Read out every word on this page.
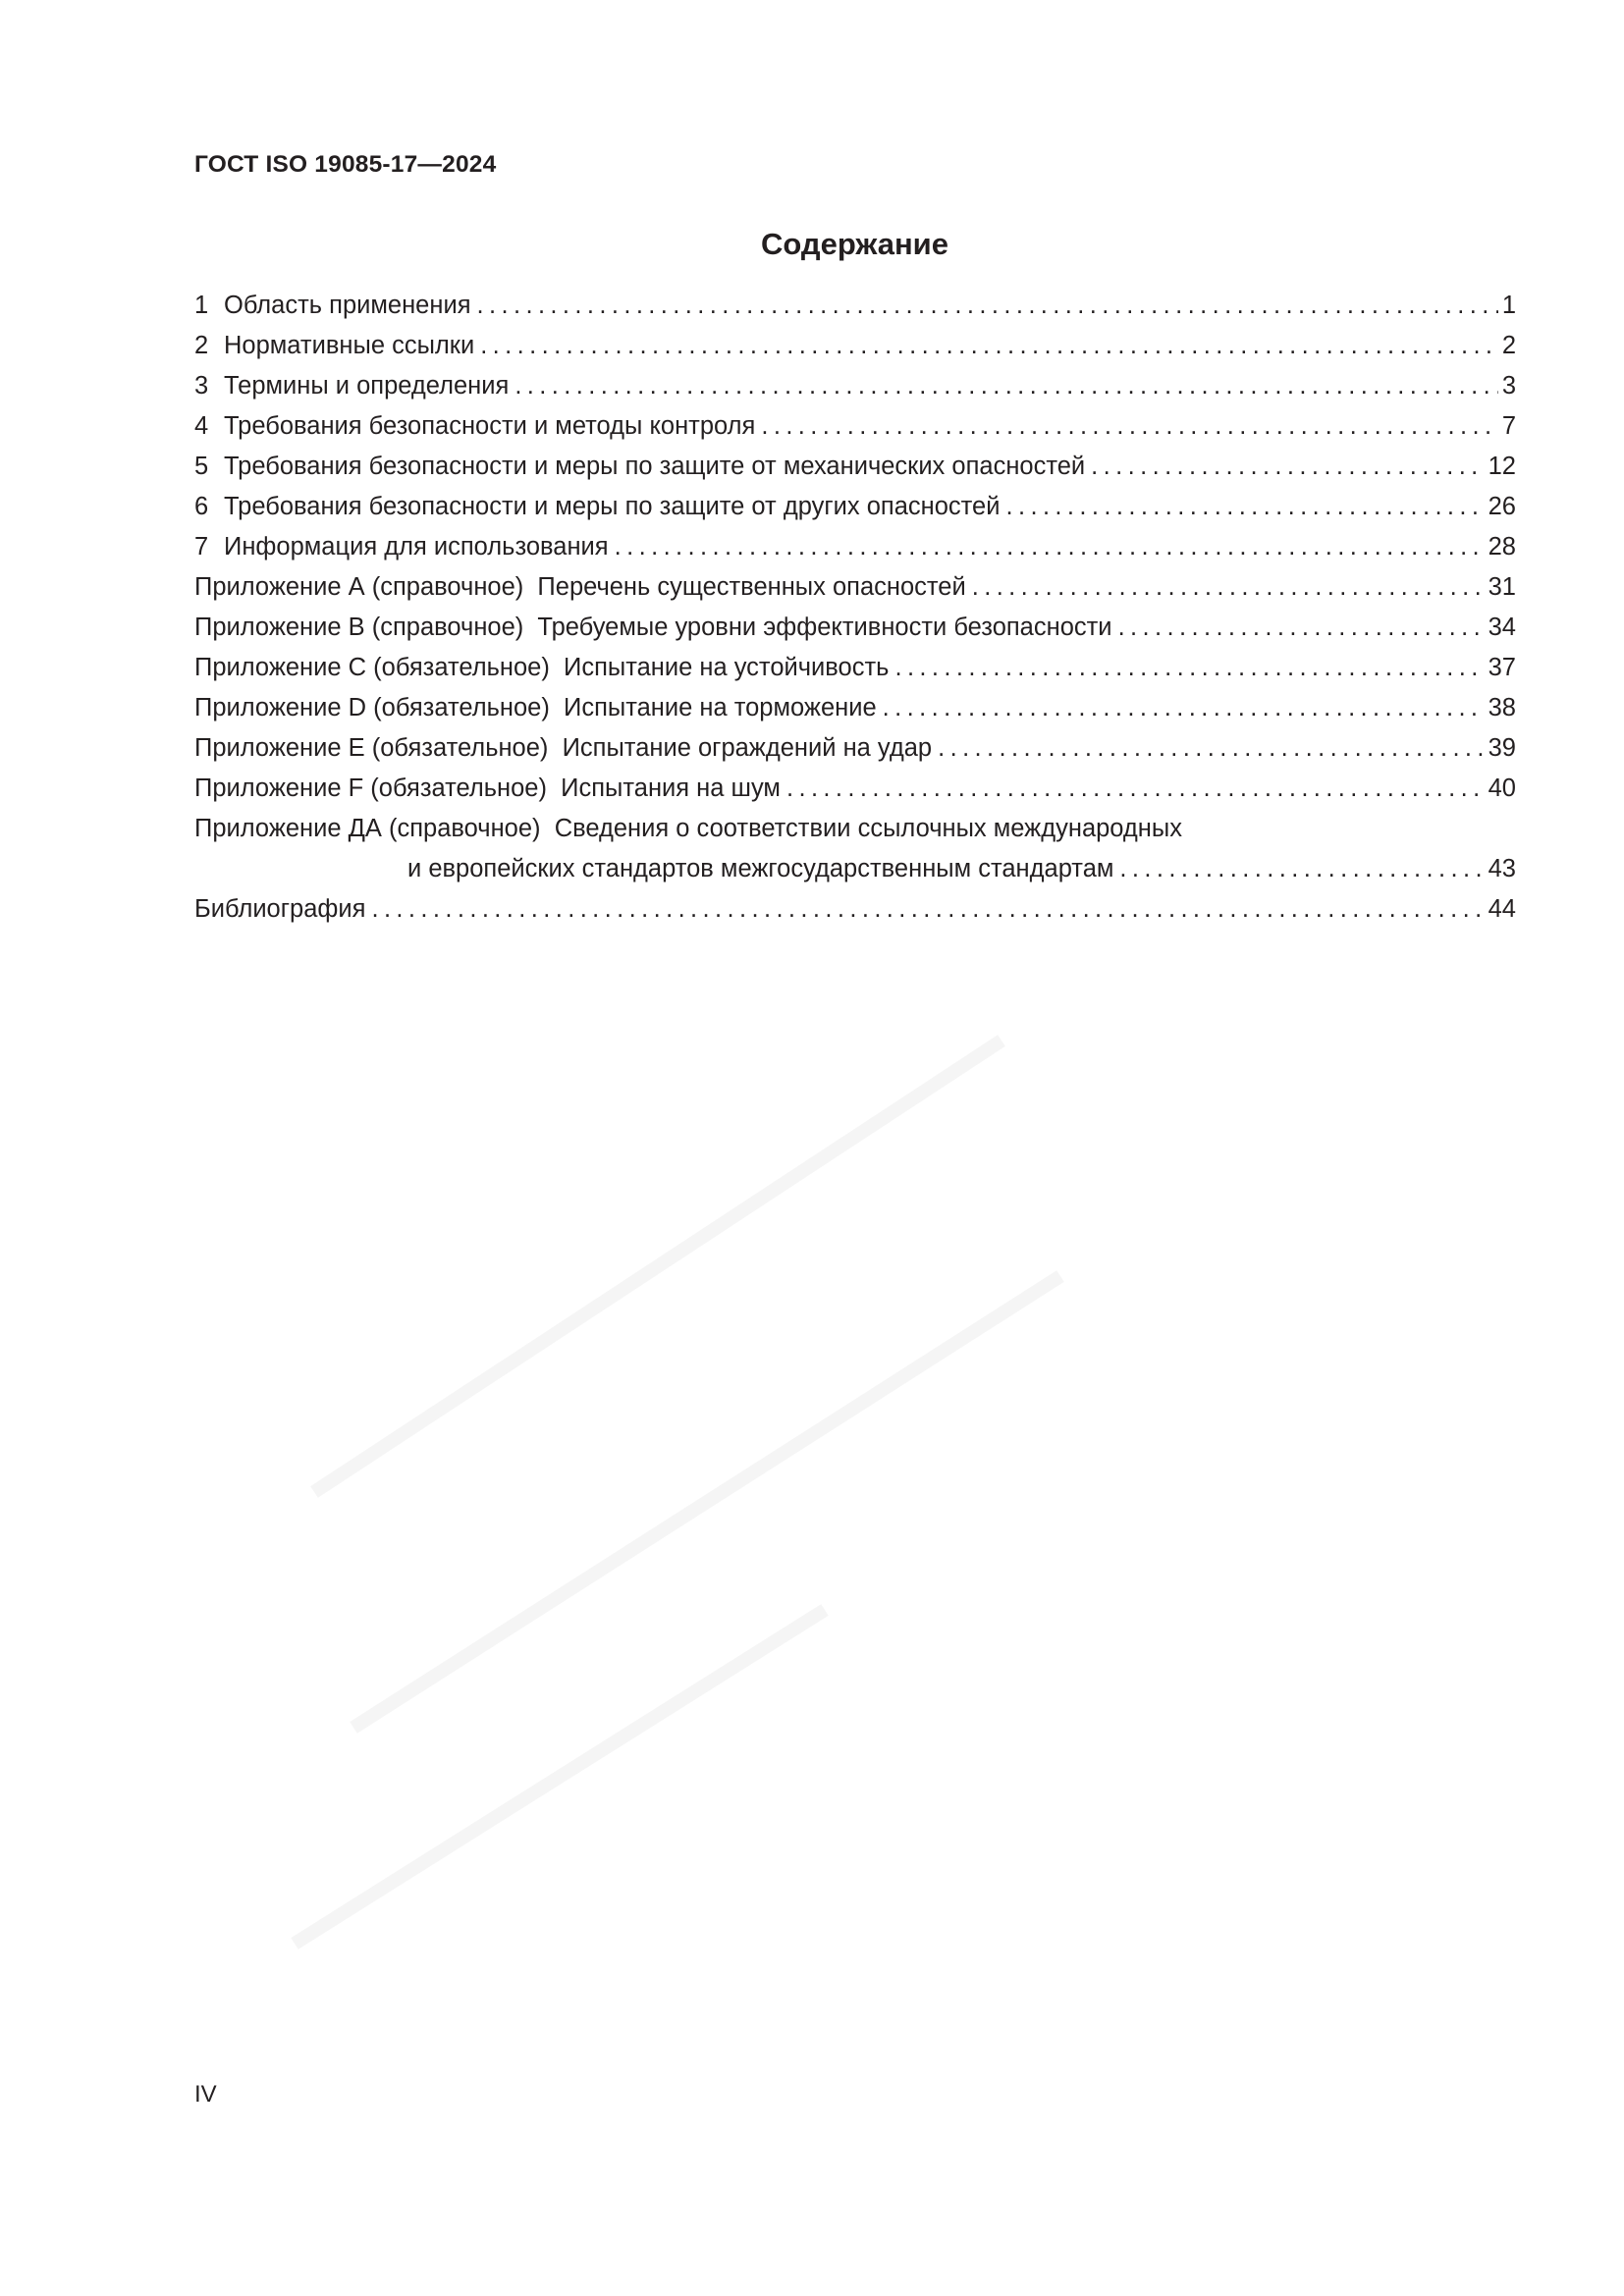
ГОСТ ISO 19085-17—2024
Содержание
1 Область применения .....	1
2 Нормативные ссылки .....	2
3 Термины и определения .....	3
4 Требования безопасности и методы контроля .....	7
5 Требования безопасности и меры по защите от механических опасностей .....	12
6 Требования безопасности и меры по защите от других опасностей .....	26
7 Информация для использования .....	28
Приложение А (справочное)  Перечень существенных опасностей .....	31
Приложение В (справочное)  Требуемые уровни эффективности безопасности .....	34
Приложение С (обязательное)  Испытание на устойчивость .....	37
Приложение D (обязательное)  Испытание на торможение .....	38
Приложение Е (обязательное)  Испытание ограждений на удар .....	39
Приложение F (обязательное)  Испытания на шум .....	40
Приложение ДА (справочное)  Сведения о соответствии ссылочных международных
и европейских стандартов межгосударственным стандартам .....	43
Библиография .....	44
IV
